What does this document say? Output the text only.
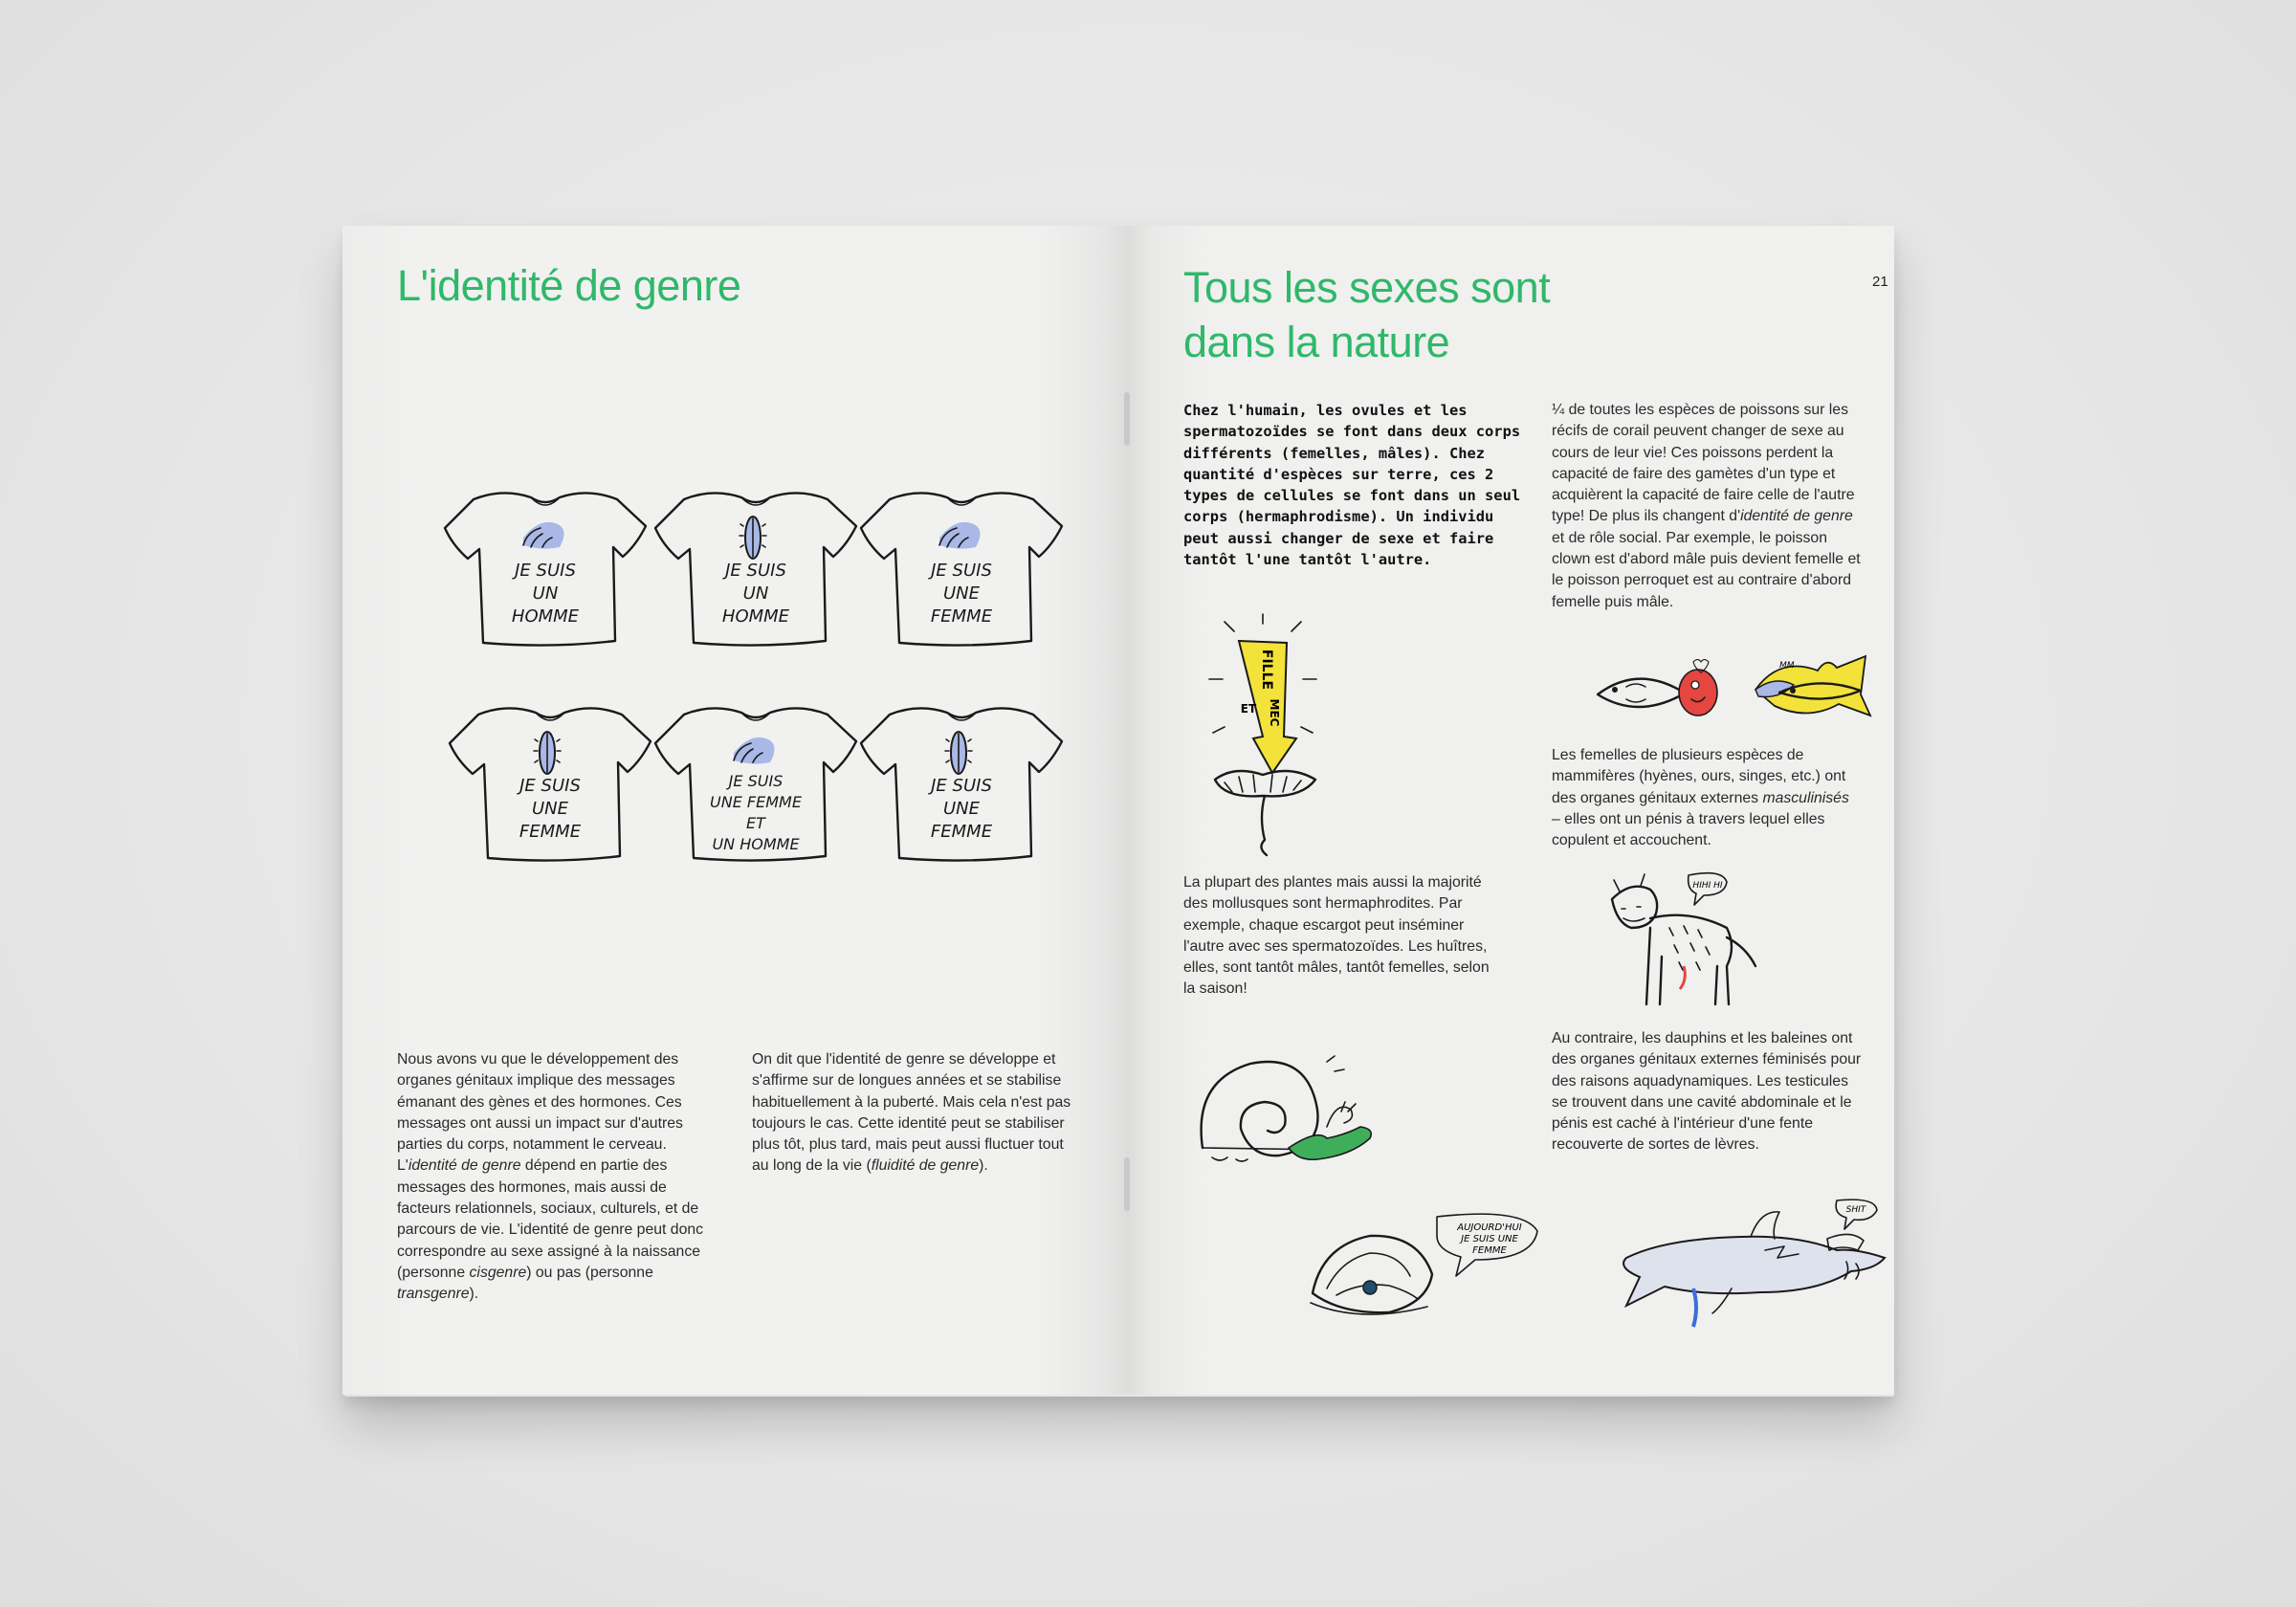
L'identité de genre
JE SUIS
UN
HOMME
JE SUIS
UN
HOMME
JE SUIS
UNE
FEMME
JE SUIS
UNE
FEMME
JE SUIS
UNE FEMME
ET
UN HOMME
JE SUIS
UNE
FEMME

Nous avons vu que le développement des organes génitaux implique des messages émanant des gènes et des hormones. Ces messages ont aussi un impact sur d'autres parties du corps, notamment le cerveau. L'identité de genre dépend en partie des messages des hormones, mais aussi de facteurs relationnels, sociaux, culturels, et de parcours de vie. L'identité de genre peut donc correspondre au sexe assigné à la naissance (personne cisgenre) ou pas (personne transgenre).

On dit que l'identité de genre se développe et s'affirme sur de longues années et se stabilise habituellement à la puberté. Mais cela n'est pas toujours le cas. Cette identité peut se stabiliser plus tôt, plus tard, mais peut aussi fluctuer tout au long de la vie (fluidité de genre).

Tous les sexes sont
dans la nature
21

Chez l'humain, les ovules et les spermatozoïdes se font dans deux corps différents (femelles, mâles). Chez quantité d'espèces sur terre, ces 2 types de cellules se font dans un seul corps (hermaphrodisme). Un individu peut aussi changer de sexe et faire tantôt l'une tantôt l'autre.

¼ de toutes les espèces de poissons sur les récifs de corail peuvent changer de sexe au cours de leur vie! Ces poissons perdent la capacité de faire des gamètes d'un type et acquièrent la capacité de faire celle de l'autre type! De plus ils changent d'identité de genre et de rôle social. Par exemple, le poisson clown est d'abord mâle puis devient femelle et le poisson perroquet est au contraire d'abord femelle puis mâle.

FILLE
ET MEC

La plupart des plantes mais aussi la majorité des mollusques sont hermaphrodites. Par exemple, chaque escargot peut inséminer l'autre avec ses spermatozoïdes. Les huîtres, elles, sont tantôt mâles, tantôt femelles, selon la saison!

AUJOURD'HUI
JE SUIS UNE
FEMME
MM

Les femelles de plusieurs espèces de mammifères (hyènes, ours, singes, etc.) ont des organes génitaux externes masculinisés – elles ont un pénis à travers lequel elles copulent et accouchent.

HIHI HI

Au contraire, les dauphins et les baleines ont des organes génitaux externes féminisés pour des raisons aquadynamiques. Les testicules se trouvent dans une cavité abdominale et le pénis est caché à l'intérieur d'une fente recouverte de sortes de lèvres.

SHIT
